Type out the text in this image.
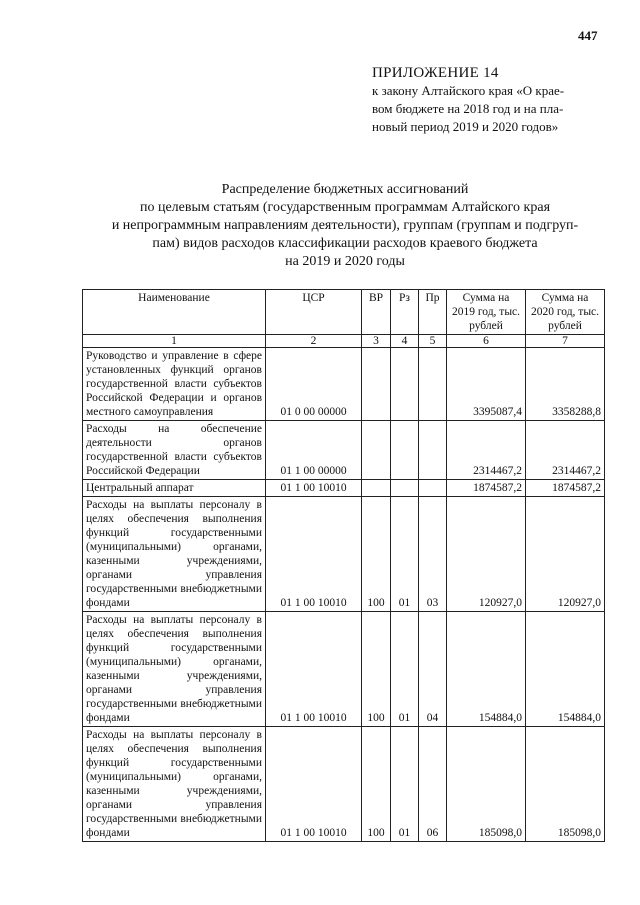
447
ПРИЛОЖЕНИЕ 14
к закону Алтайского края «О крае-
вом бюджете на 2018 год и на пла-
новый период 2019 и 2020 годов»
Распределение бюджетных ассигнований
по целевым статьям (государственным программам Алтайского края
и непрограммным направлениям деятельности), группам (группам и подгруп-
пам) видов расходов классификации расходов краевого бюджета
на 2019 и 2020 годы
Наименование	ЦСР	ВР	Рз	Пр	Сумма на 2019 год, тыс. рублей	Сумма на 2020 год, тыс. рублей
1	2	3	4	5	6	7
Руководство и управление в сфере установленных функций органов государственной власти субъектов Российской Федерации и органов местного самоуправления	01 0 00 00000				3395087,4	3358288,8
Расходы на обеспечение деятельности органов государственной власти субъектов Российской Федерации	01 1 00 00000				2314467,2	2314467,2
Центральный аппарат	01 1 00 10010				1874587,2	1874587,2
Расходы на выплаты персоналу в целях обеспечения выполнения функций государственными (муниципальными) органами, казенными учреждениями, органами управления государственными внебюджетными фондами	01 1 00 10010	100	01	03	120927,0	120927,0
Расходы на выплаты персоналу в целях обеспечения выполнения функций государственными (муниципальными) органами, казенными учреждениями, органами управления государственными внебюджетными фондами	01 1 00 10010	100	01	04	154884,0	154884,0
Расходы на выплаты персоналу в целях обеспечения выполнения функций государственными (муниципальными) органами, казенными учреждениями, органами управления государственными внебюджетными фондами	01 1 00 10010	100	01	06	185098,0	185098,0
